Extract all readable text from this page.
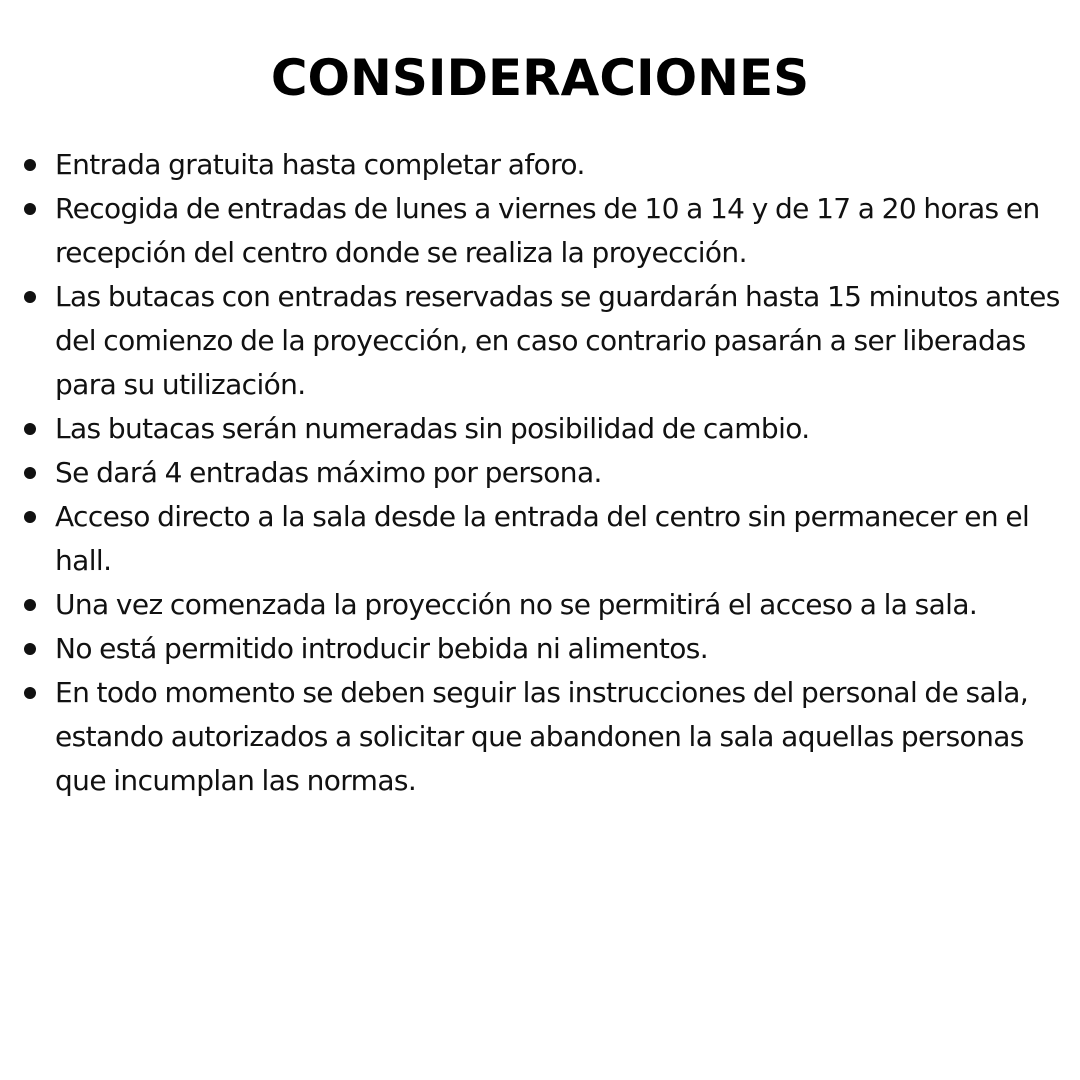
CONSIDERACIONES
Entrada gratuita hasta completar aforo.
Recogida de entradas de lunes a viernes de 10 a 14 y de 17 a 20 horas en recepción del centro donde se realiza la proyección.
Las butacas con entradas reservadas se guardarán hasta 15 minutos antes del comienzo de la proyección, en caso contrario pasarán a ser liberadas para su utilización.
Las butacas serán numeradas sin posibilidad de cambio.
Se dará 4 entradas máximo por persona.
Acceso directo a la sala desde la entrada del centro sin permanecer en el hall.
Una vez comenzada la proyección no se permitirá el acceso a la sala.
No está permitido introducir bebida ni alimentos.
En todo momento se deben seguir las instrucciones del personal de sala, estando autorizados a solicitar que abandonen la sala aquellas personas que incumplan las normas.
